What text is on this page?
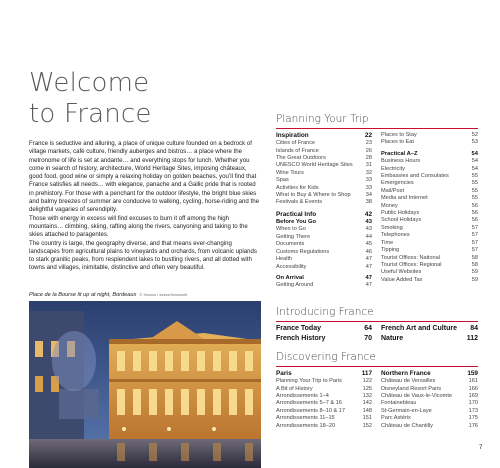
Welcome
to France

France is seductive and alluring, a place of unique culture founded on a bedrock of village markets, café culture, friendly auberges and bistros… a place where the metronome of life is set at andante… and everything stops for lunch. Whether you come in search of history, architecture, World Heritage Sites, imposing châteaux, good food, good wine or simply a relaxing holiday on golden beaches, you’ll find that France satisfies all needs… with elegance, panache and a Gallic pride that is rooted in prehistory. For those with a penchant for the outdoor lifestyle, the bright blue skies and balmy breezes of summer are conducive to walking, cycling, horse-riding and the delightful vagaries of serendipity.

Those with energy in excess will find excuses to burn it off among the high mountains… climbing, skiing, rafting along the rivers, canyoning and taking to the skies attached to paragentes.

The country is large, the geography diverse, and that means ever-changing landscapes from agricultural plains to vineyards and orchards, from volcanic uplands to stark granitic peaks, from resplendent lakes to bustling rivers, and all dotted with towns and villages, inimitable, distinctive and often very beautiful.

Place de la Bourse lit up at night, Bordeaux © Xxxxxx / xxxxx/Xxxxxxxh
Planning Your Trip
Inspiration	22
Cities of France	23
Islands of France	26
The Great Outdoors	28
UNESCO World Heritage Sites 31
Wine Tours	32
Spas	33
Activities for Kids	33
What to Buy & Where to Shop	34
Festivals & Events	38
Practical Info	42
Before You Go	43
When to Go	43
Getting There	44
Documents	45
Customs Regulations	46
Health	47
Accessibility	47
On Arrival	47
Getting Around	47
Places to Stay	52
Places to Eat	53
Practical A–Z	54
Business Hours	54
Electricity	54
Embassies and Consulates	55
Emergencies	55
Mail/Post	55
Media and Internet	55
Money	56
Public Holidays	56
School Holidays	56
Smoking	57
Telephones	57
Time	57
Tipping	57
Tourist Offices: National	58
Tourist Offices: Regional	58
Useful Websites	59
Value Added Tax	59
Introducing France
France Today	64
French History	70
French Art and Culture 84
Nature	112
Discovering France
Paris	117
Planning Your Trip to Paris	122
A Bit of History	125
Arrondissements 1–4	132
Arrondissements 5–7 & 16	142
Arrondissements 8–10 & 17	148
Arrondissements 11–15	151
Arrondissements 18–20	152
Northern France	159
Château de Versailles	161
Disneyland Resort Paris	166
Château de Vaux-le-Vicomte	169
Fontainebleau	170
St-Germain-en-Laye	173
Parc Astérix	175
Château de Chantilly	176
7
